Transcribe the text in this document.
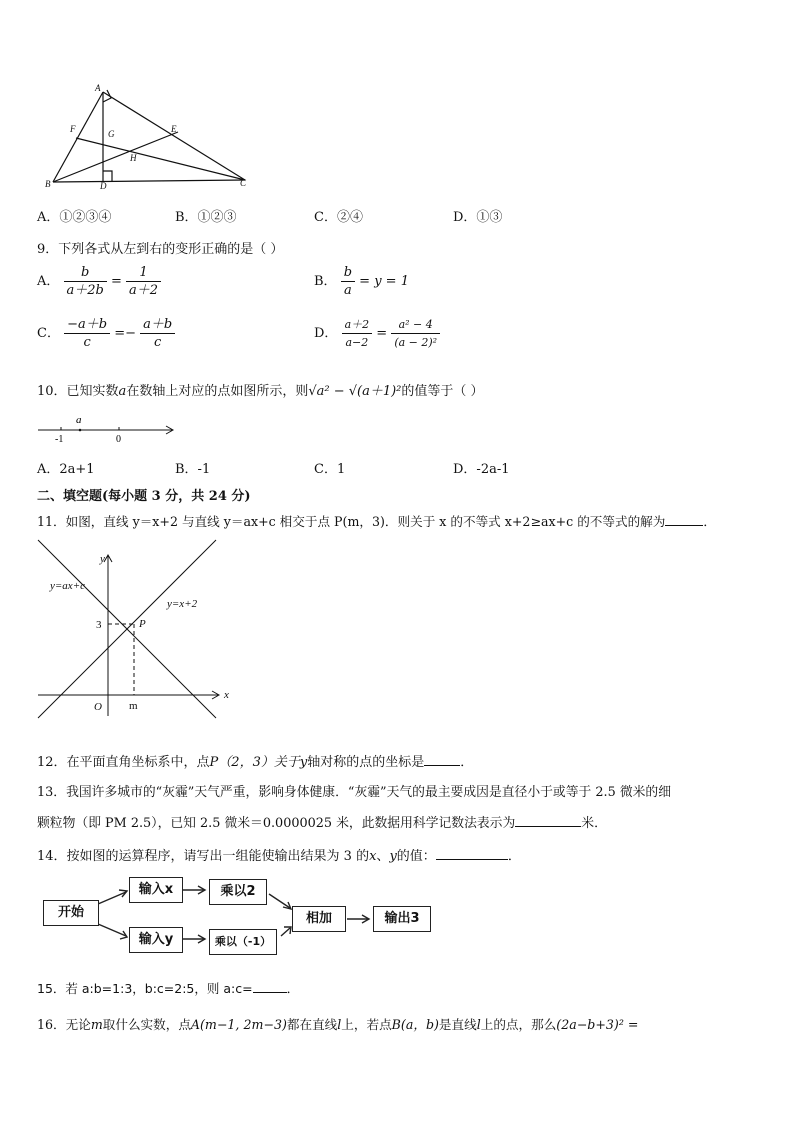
A
F	G	E
H
B	D	C
A．①②③④	B．①②③	C．②④	D．①③
9．下列各式从左到右的变形正确的是（ ）
A． $\frac{b}{a+2b} = \frac{1}{a+2}$	B． $\frac{b}{a} = y = 1$
C． $\frac{-a+b}{c} =- \frac{a+b}{c}$	D． $\frac{a+2}{a-2} = \frac{\text{a² − 4}}{\text{(a − 2)²}}$
10．已知实数a在数轴上对应的点如图所示，则√a² − √(a＋1)²的值等于（ ）
a
-1	0
A．2a+1	B．-1	C．1	D．-2a-1
二、填空题(每小题 3 分，共 24 分)
11．如图，直线 y＝x+2 与直线 y＝ax+c 相交于点 P(m，3)．则关于 x 的不等式 x+2≥ax+c 的不等式的解为	．
y
x
O m
3	P
y=ax+c
y=x+2
12．在平面直角坐标系中，点P（2，3）关于y轴对称的点的坐标是	．
13．我国许多城市的“灰霾”天气严重，影响身体健康．“灰霾”天气的最主要成因是直径小于或等于 2.5 微米的细
颗粒物（即 PM 2.5），已知 2.5 微米＝0.0000025 米，此数据用科学记数法表示为	米．
14．按如图的运算程序，请写出一组能使输出结果为 3 的x、y的值：	．
开始
输入x	乘以2
输入y	乘以（-1）
相加	输出3
15．若 a:b=1:3，b:c=2:5，则 a:c=	．
16．无论m取什么实数，点A(m−1, 2m−3)都在直线l上，若点B(a，b)是直线l上的点，那么(2a−b+3)² =
